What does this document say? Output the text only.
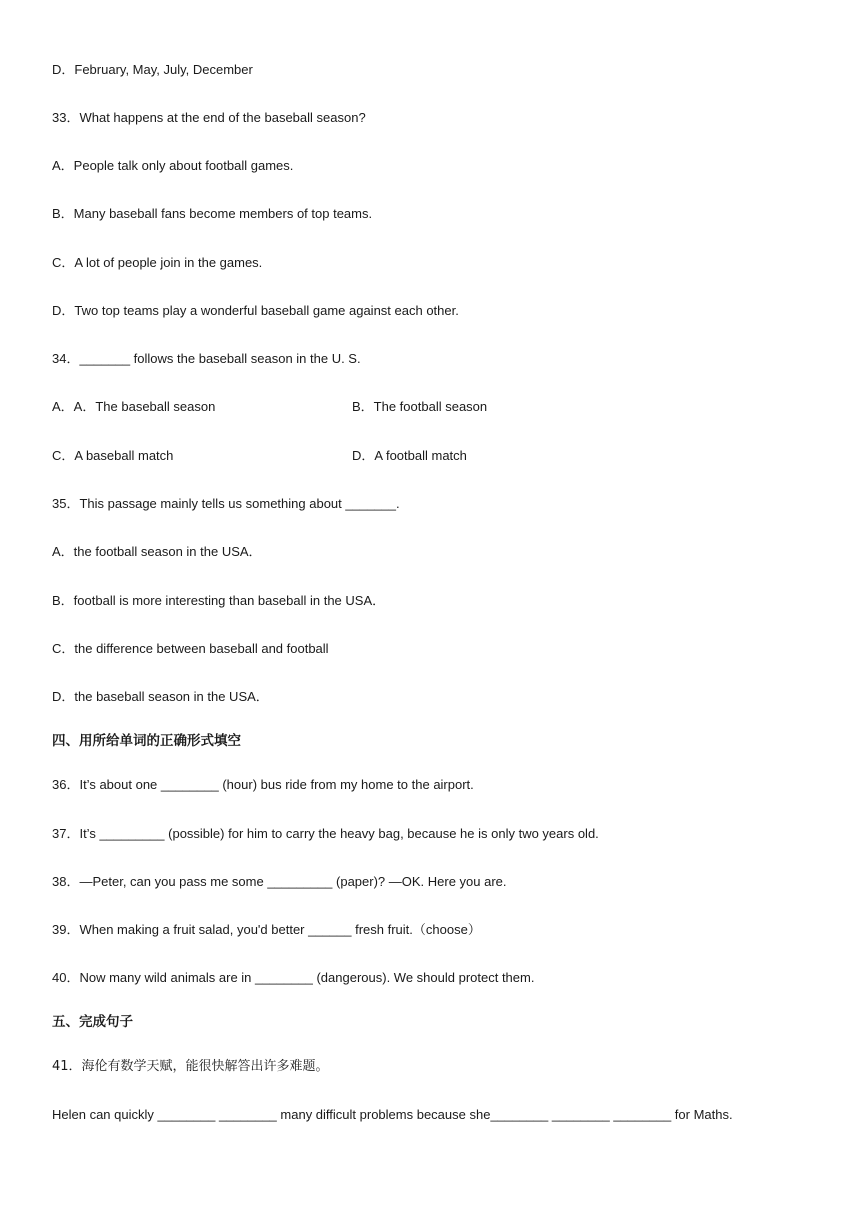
D．February, May, July, December
33．What happens at the end of the baseball season?
A．People talk only about football games.
B．Many baseball fans become members of top teams.
C．A lot of people join in the games.
D．Two top teams play a wonderful baseball game against each other.
34．_______ follows the baseball season in the U. S.
A．A．The baseball season	B．The football season
C．A baseball match	D．A football match
35．This passage mainly tells us something about _______.
A．the football season in the USA．
B．football is more interesting than baseball in the USA．
C．the difference between baseball and football
D．the baseball season in the USA．
四、用所给单词的正确形式填空
36．It’s about one ________ (hour) bus ride from my home to the airport.
37．It’s _________ (possible) for him to carry the heavy bag, because he is only two years old.
38．—Peter, can you pass me some _________ (paper)? —OK. Here you are.
39．When making a fruit salad, you'd better ______ fresh fruit.（choose）
40．Now many wild animals are in ________ (dangerous). We should protect them.
五、完成句子
41．海伦有数学天赋，能很快解答出许多难题。
Helen can quickly ________ ________ many difficult problems because she________ ________ ________ for Maths.
